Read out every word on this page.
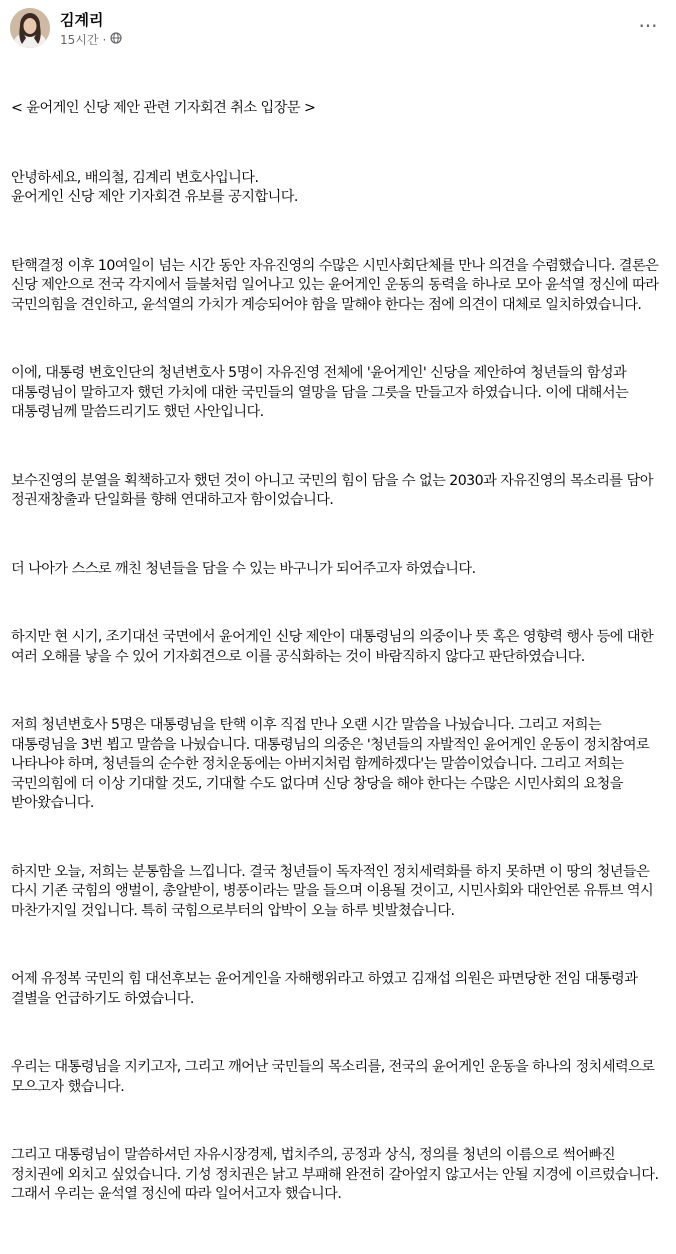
김계리
15시간 ·
···

< 윤어게인 신당 제안 관련 기자회견 취소 입장문 >

안녕하세요, 배의철, 김계리 변호사입니다.
윤어게인 신당 제안 기자회견 유보를 공지합니다.

탄핵결정 이후 10여일이 넘는 시간 동안 자유진영의 수많은 시민사회단체를 만나 의견을 수렴했습니다. 결론은 신당 제안으로 전국 각지에서 들불처럼 일어나고 있는 윤어게인 운동의 동력을 하나로 모아 윤석열 정신에 따라 국민의힘을 견인하고, 윤석열의 가치가 계승되어야 함을 말해야 한다는 점에 의견이 대체로 일치하였습니다.

이에, 대통령 변호인단의 청년변호사 5명이 자유진영 전체에 '윤어게인' 신당을 제안하여 청년들의 함성과 대통령님이 말하고자 했던 가치에 대한 국민들의 열망을 담을 그릇을 만들고자 하였습니다. 이에 대해서는 대통령님께 말씀드리기도 했던 사안입니다.

보수진영의 분열을 획책하고자 했던 것이 아니고 국민의 힘이 담을 수 없는 2030과 자유진영의 목소리를 담아 정권재창출과 단일화를 향해 연대하고자 함이었습니다.

더 나아가 스스로 깨친 청년들을 담을 수 있는 바구니가 되어주고자 하였습니다.

하지만 현 시기, 조기대선 국면에서 윤어게인 신당 제안이 대통령님의 의중이나 뜻 혹은 영향력 행사 등에 대한 여러 오해를 낳을 수 있어 기자회견으로 이를 공식화하는 것이 바람직하지 않다고 판단하였습니다.

저희 청년변호사 5명은 대통령님을 탄핵 이후 직접 만나 오랜 시간 말씀을 나눴습니다. 그리고 저희는 대통령님을 3번 뵙고 말씀을 나눴습니다. 대통령님의 의중은 '청년들의 자발적인 윤어게인 운동이 정치참여로 나타나야 하며, 청년들의 순수한 정치운동에는 아버지처럼 함께하겠다'는 말씀이었습니다. 그리고 저희는 국민의힘에 더 이상 기대할 것도, 기대할 수도 없다며 신당 창당을 해야 한다는 수많은 시민사회의 요청을 받아왔습니다.

하지만 오늘, 저희는 분통함을 느낍니다. 결국 청년들이 독자적인 정치세력화를 하지 못하면 이 땅의 청년들은 다시 기존 국힘의 앵벌이, 총알받이, 병풍이라는 말을 들으며 이용될 것이고, 시민사회와 대안언론 유튜브 역시 마찬가지일 것입니다. 특히 국힘으로부터의 압박이 오늘 하루 빗발쳤습니다.

어제 유정복 국민의 힘 대선후보는 윤어게인을 자해행위라고 하였고 김재섭 의원은 파면당한 전임 대통령과 결별을 언급하기도 하였습니다.

우리는 대통령님을 지키고자, 그리고 깨어난 국민들의 목소리를, 전국의 윤어게인 운동을 하나의 정치세력으로 모으고자 했습니다.

그리고 대통령님이 말씀하셔던 자유시장경제, 법치주의, 공정과 상식, 정의를 청년의 이름으로 썩어빠진 정치권에 외치고 싶었습니다. 기성 정치권은 낡고 부패해 완전히 갈아엎지 않고서는 안될 지경에 이르렀습니다. 그래서 우리는 윤석열 정신에 따라 일어서고자 했습니다.
